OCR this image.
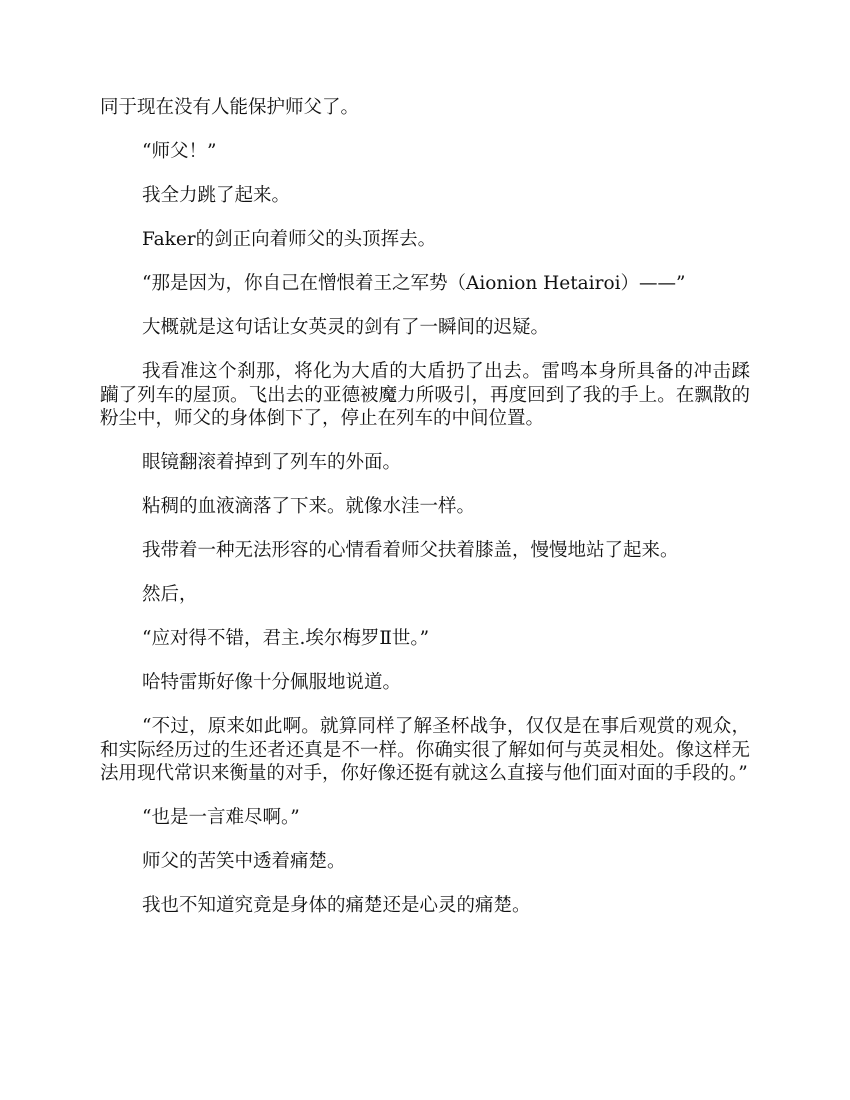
同于现在没有人能保护师父了。

“师父！”

我全力跳了起来。

Faker的剑正向着师父的头顶挥去。

“那是因为，你自己在憎恨着王之军势（Aionion Hetairoi）——”

大概就是这句话让女英灵的剑有了一瞬间的迟疑。

我看准这个刹那，将化为大盾的大盾扔了出去。雷鸣本身所具备的冲击蹂躏了列车的屋顶。飞出去的亚德被魔力所吸引，再度回到了我的手上。在飘散的粉尘中，师父的身体倒下了，停止在列车的中间位置。

眼镜翻滚着掉到了列车的外面。

粘稠的血液滴落了下来。就像水洼一样。

我带着一种无法形容的心情看着师父扶着膝盖，慢慢地站了起来。

然后，

“应对得不错，君主.埃尔梅罗Ⅱ世。”

哈特雷斯好像十分佩服地说道。

“不过，原来如此啊。就算同样了解圣杯战争，仅仅是在事后观赏的观众，和实际经历过的生还者还真是不一样。你确实很了解如何与英灵相处。像这样无法用现代常识来衡量的对手，你好像还挺有就这么直接与他们面对面的手段的。”

“也是一言难尽啊。”

师父的苦笑中透着痛楚。

我也不知道究竟是身体的痛楚还是心灵的痛楚。
